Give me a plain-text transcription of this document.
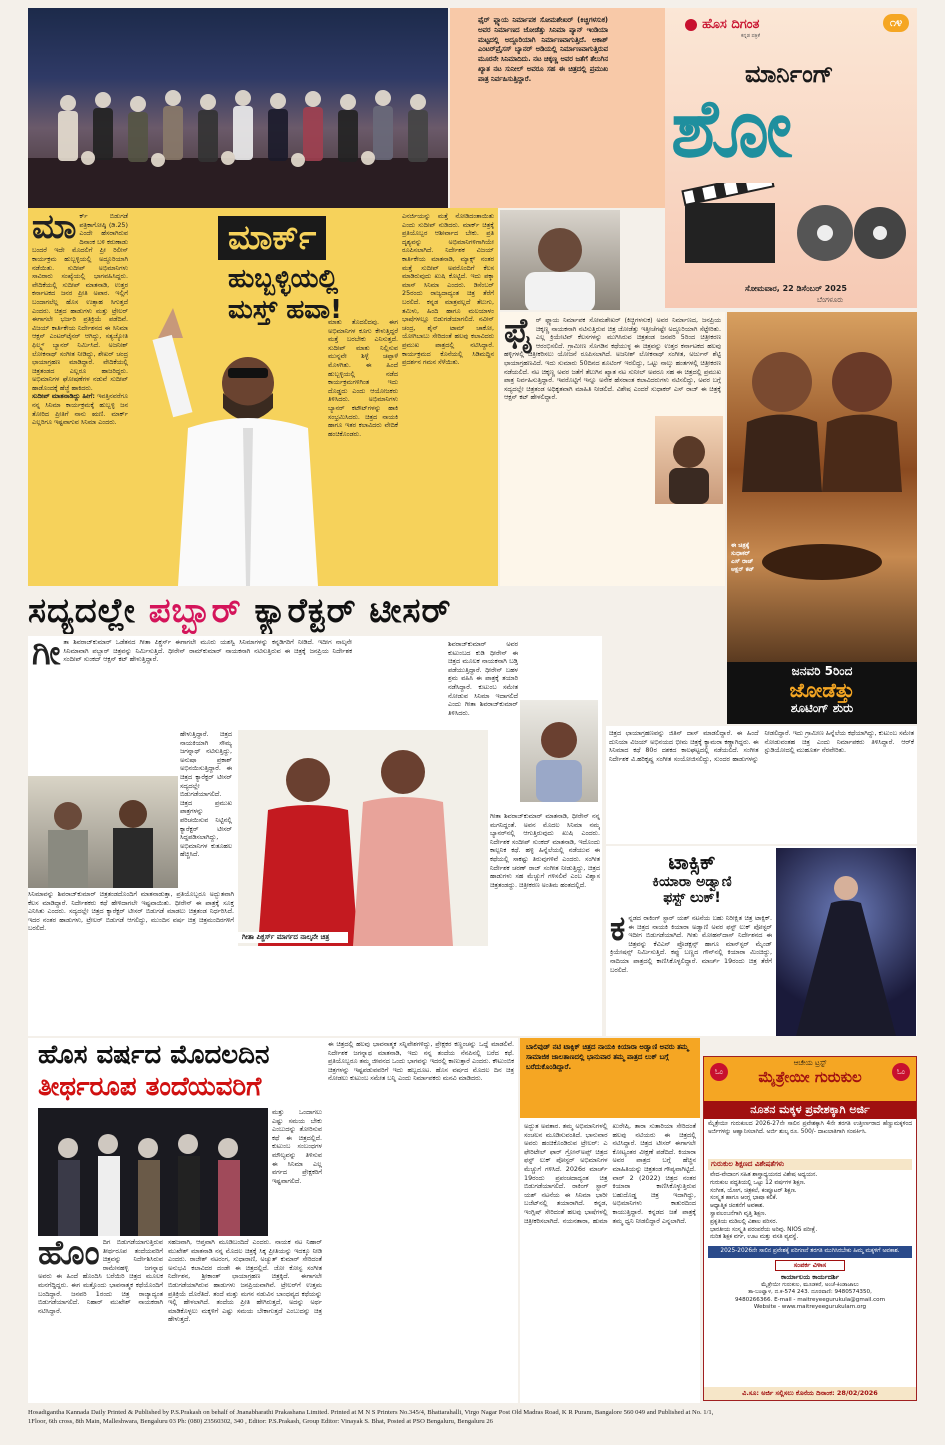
ಫೈರ್ ಫ್ಲ್ಯಾಯ ನಿರ್ಮಾಪಕ ಸೋಮಶೇಖರ್ (ಕಿಚ್ಚಿಗಳಸುಕ) ಅವರ ನಿರ್ಮಾಣದ ಜೋಡೆತ್ತು ಸಿನಿಮಾ ಪ್ಯಾನ್ ಇಂಡಿಯಾ ಮಟ್ಟದಲ್ಲಿ ಅದ್ದೂರಿಯಾಗಿ ನಿರ್ಮಾಣವಾಗುತ್ತಿದೆ. ಆಕಾಶ್ ಎಂಟರ್‌ಪ್ರೈಸಸ್ ಬ್ಯಾನರ್ ಅಡಿಯಲ್ಲಿ ನಿರ್ಮಾಣವಾಗುತ್ತಿರುವ ಮೂರನೇ ಸಿನಿಮಾದಿದು. ನಟ ಚಿಕ್ಕಣ್ಣ ಅವರ ಜತೆಗೆ ತೆಲುಗಿನ ಖ್ಯಾತ ನಟ ಸುನೀಲ್ ಅವರೂ ಸಹ ಈ ಚಿತ್ರದಲ್ಲಿ ಪ್ರಮುಖ ಪಾತ್ರ ನಿರ್ವಹಿಸುತ್ತಿದ್ದಾರೆ.
ಹೊಸ ದಿಗಂತ
ಕನ್ನಡ ಪತ್ರಿಕೆ
೧೪
ಮಾರ್ನಿಂಗ್
ಶೋ
ಸೋಮವಾರ, 22 ಡಿಸೆಂಬರ್ 2025
ಬೆಂಗಳೂರು
ಮಾ ರ್ಕ್ ಬಿಡುಗಡೆ ಪತ್ರಿಕಾಗೋಷ್ಠಿ (ಡಿ.25) ಎಂದೇ ಹೆಸರಾಗಿರುವ ದಿನಾಂಕ ಬಳಿ ಕರುಣಾಡು ಬಂದರೆ ಇದೇ ಮೊದಲಿಗೆ ಪ್ರೀ ರಿಲೀಸ್ ಕಾರ್ಯಕ್ರಮ ಹುಬ್ಬಳ್ಳಿಯಲ್ಲಿ ಅದ್ದೂರಿಯಾಗಿ ನಡೆಯಿತು. ಸುದೀಪ್ ಅಭಿಮಾನಿಗಳು ಸಾವಿರಾರು ಸಂಖ್ಯೆಯಲ್ಲಿ ಭಾಗವಹಿಸಿದ್ದರು. ವೇದಿಕೆಯಲ್ಲಿ ಸುದೀಪ್ ಮಾತನಾಡಿ, ಉತ್ತರ ಕರ್ನಾಟಕದ ಜನರ ಪ್ರೀತಿ ಅಪಾರ. ಇಲ್ಲಿಗೆ ಬಂದಾಗಲೆಲ್ಲ ಹೊಸ ಉತ್ಸಾಹ ಸಿಗುತ್ತದೆ ಎಂದರು. ಚಿತ್ರದ ಹಾಡುಗಳು ಮತ್ತು ಟ್ರೇಲರ್ ಈಗಾಗಲೇ ಭರ್ಜರಿ ಪ್ರತಿಕ್ರಿಯೆ ಪಡೆದಿವೆ. ವಿಜಯ್ ಕಾರ್ತಿಕೇಯ ನಿರ್ದೇಶನದ ಈ ಸಿನಿಮಾ ಆಕ್ಷನ್ ಎಂಟರ್‌ಟೈನರ್ ಆಗಿದ್ದು, ಸತ್ಯಜ್ಯೋತಿ ಫಿಲ್ಮ್ಸ್ ಬ್ಯಾನರ್ ನಿರ್ಮಿಸಿದೆ. ಅಜನೀಶ್ ಲೋಕನಾಥ್ ಸಂಗೀತ ನೀಡಿದ್ದು, ಶೇಖರ್ ಚಂದ್ರ ಛಾಯಾಗ್ರಹಣ ಮಾಡಿದ್ದಾರೆ. ವೇದಿಕೆಯಲ್ಲಿ ಚಿತ್ರತಂಡದ ಎಲ್ಲರೂ ಹಾಜರಿದ್ದರು. ಅಭಿಮಾನಿಗಳ ಘೋಷಣೆಗಳ ನಡುವೆ ಸುದೀಪ್ ಹಾಡೊಂದಕ್ಕೆ ಹೆಜ್ಜೆ ಹಾಕಿದರು.
ಸುದೀಪ್ ಮಾತನಾಡಿದ್ದು ಹೀಗೆ: ಇವತ್ತಿನವರೆಗೂ ನನ್ನ ಸಿನಿಮಾ ಕಾರ್ಯಕ್ರಮಕ್ಕೆ ಹುಬ್ಬಳ್ಳಿ ಜನ ತೋರಿದ ಪ್ರೀತಿಗೆ ನಾನು ಋಣಿ. ಮಾರ್ಕ್ ಎಲ್ಲರಿಗೂ ಇಷ್ಟವಾಗುವ ಸಿನಿಮಾ ಎಂದರು.
ಮಾರ್ಕ್
ಹುಬ್ಬಳ್ಳಿಯಲ್ಲಿ
ಮಸ್ತ್ ಹವಾ!
ಮಾತು ತೊದಲಿದವು. ಈಗ ಅಭಿಮಾನಿಗಳ ಕೂಗು ಕೇಳುತ್ತಿದ್ದರೆ ಮತ್ತೆ ಬರಬೇಕು ಎನಿಸುತ್ತದೆ. ಸುದೀಪ್ ಮಾತು ನಿಲ್ಲಿಸುವ ಮುನ್ನವೇ ಶಿಳ್ಳೆ ಚಪ್ಪಾಳೆ ಮೊಳಗಿತು. ಈ ಹಿಂದೆ ಹುಬ್ಬಳ್ಳಿಯಲ್ಲಿ ನಡೆದ ಕಾರ್ಯಕ್ರಮಗಳಿಗಿಂತ ಇದು ದೊಡ್ಡದು ಎಂದು ಆಯೋಜಕರು ತಿಳಿಸಿದರು. ಅಭಿಮಾನಿಗಳು ಬ್ಯಾನರ್ ಕಟೌಟ್‌ಗಳನ್ನು ಹಾಕಿ ಸಂಭ್ರಮಿಸಿದರು. ಚಿತ್ರದ ನಾಯಕಿ ಹಾಗೂ ಇತರ ಕಲಾವಿದರು ವೇದಿಕೆ ಹಂಚಿಕೊಂಡರು.
ಎನರ್ಜಿಯನ್ನು ಮತ್ತೆ ನೋಡಿದಂತಾಯಿತು ಎಂದು ಸುದೀಪ್ ನುಡಿದರು. ಮಾರ್ಕ್ ಚಿತ್ರಕ್ಕೆ ಪ್ರತಿಯೊಬ್ಬರ ಆಶೀರ್ವಾದ ಬೇಕು. ಪ್ರತಿ ದೃಶ್ಯವನ್ನು ಅಭಿಮಾನಿಗಳಿಗಾಗಿಯೇ ರೂಪಿಸಲಾಗಿದೆ. ನಿರ್ದೇಶಕ ವಿಜಯ್ ಕಾರ್ತಿಕೇಯ ಮಾತನಾಡಿ, ಮ್ಯಾಕ್ಸ್ ನಂತರ ಮತ್ತೆ ಸುದೀಪ್ ಅವರೊಂದಿಗೆ ಕೆಲಸ ಮಾಡಿರುವುದು ಖುಷಿ ಕೊಟ್ಟಿದೆ. ಇದು ಪಕ್ಕಾ ಮಾಸ್ ಸಿನಿಮಾ ಎಂದರು. ಡಿಸೆಂಬರ್ 25ರಂದು ರಾಜ್ಯದಾದ್ಯಂತ ಚಿತ್ರ ತೆರೆಗೆ ಬರಲಿದೆ. ಕನ್ನಡ ಮಾತ್ರವಲ್ಲದೆ ತೆಲುಗು, ತಮಿಳು, ಹಿಂದಿ ಹಾಗೂ ಮಲಯಾಳಂ ಭಾಷೆಗಳಲ್ಲೂ ಬಿಡುಗಡೆಯಾಗಲಿದೆ. ನವೀನ್ ಚಂದ್ರ, ಶೈನ್ ಟಾಮ್ ಚಾಕೋ, ಯೋಗಿಬಾಬು ಸೇರಿದಂತೆ ಹಲವು ಕಲಾವಿದರು ಪ್ರಮುಖ ಪಾತ್ರದಲ್ಲಿ ನಟಿಸಿದ್ದಾರೆ. ಕಾರ್ಯಕ್ರಮದ ಕೊನೆಯಲ್ಲಿ ಸಿಡಿಮದ್ದಿನ ಪ್ರದರ್ಶನ ಗಮನ ಸೆಳೆಯಿತು.
ಫೈ ರ್ ಫ್ಲ್ಯಾಯ ನಿರ್ಮಾಪಕ ಸೋಮಶೇಖರ್ (ಕಿಚ್ಚಿಗಳಸುಕ) ಅವರ ನಿರ್ಮಾಣದ, ಜನಪ್ರಿಯ ಚಿಕ್ಕಣ್ಣ ನಾಯಕನಾಗಿ ನಟಿಸುತ್ತಿರುವ ಚಿತ್ರ ಜೋಡೆತ್ತು ಇತ್ತೀಚೆಗಷ್ಟೇ ಅದ್ದೂರಿಯಾಗಿ ಸೆಟ್ಟೇರಿತು. ಎಲ್ಲ ಕ್ರಿಯೇಟಿವ್ ಕೆಲಸಗಳನ್ನು ಮುಗಿಸಿರುವ ಚಿತ್ರತಂಡ ಜನವರಿ 5ರಿಂದ ಚಿತ್ರೀಕರಣ ಆರಂಭಿಸಲಿದೆ. ಗ್ರಾಮೀಣ ಸೊಗಡಿನ ಕಥೆಯುಳ್ಳ ಈ ಚಿತ್ರವನ್ನು ಉತ್ತರ ಕರ್ನಾಟಕದ ಹಲವು ಹಳ್ಳಿಗಳಲ್ಲಿ ಚಿತ್ರೀಕರಿಸಲು ಯೋಜನೆ ರೂಪಿಸಲಾಗಿದೆ. ಅಜನೀಶ್ ಲೋಕನಾಥ್ ಸಂಗೀತ, ಅರ್ಜುನ್ ಶೆಟ್ಟಿ ಛಾಯಾಗ್ರಹಣವಿದೆ. ಇದು ಸುಮಾರು 50ದಿನದ ಶೂಟಿಂಗ್ ಇರಲಿದ್ದು, ಒಟ್ಟು ನಾಲ್ಕು ಹಂತಗಳಲ್ಲಿ ಚಿತ್ರೀಕರಣ ನಡೆಯಲಿದೆ. ನಟ ಚಿಕ್ಕಣ್ಣ ಅವರ ಜತೆಗೆ ತೆಲುಗಿನ ಖ್ಯಾತ ನಟ ಸುನೀಲ್ ಅವರೂ ಸಹ ಈ ಚಿತ್ರದಲ್ಲಿ ಪ್ರಮುಖ ಪಾತ್ರ ನಿರ್ವಹಿಸುತ್ತಿದ್ದಾರೆ. ಇವರೊಟ್ಟಿಗೆ ಇನ್ನೂ ಅನೇಕ ಹೆಸರಾಂತ ಕಲಾವಿದರುಗಳು ನಟಿಸಲಿದ್ದು, ಅವರ ಬಗ್ಗೆ ಸದ್ಯದಲ್ಲೇ ಚಿತ್ರತಂಡ ಅಧಿಕೃತವಾಗಿ ಮಾಹಿತಿ ನೀಡಲಿದೆ. ವಿಶೇಷ ಎಂದರೆ ಸುಧಾಕರ್ ಎಸ್ ರಾಜ್ ಈ ಚಿತ್ರಕ್ಕೆ ಆಕ್ಷನ್ ಕಟ್ ಹೇಳಲಿದ್ದಾರೆ.
ಈ ಚಿತ್ರಕ್ಕೆ
ಸುಧಾಕರ್
ಎಸ್ ರಾಜ್
ಆಕ್ಷನ್ ಕಟ್
ಜನವರಿ 5ರಿಂದ
ಜೋಡೆತ್ತು
ಶೂಟಿಂಗ್ ಶುರು
ಸದ್ಯದಲ್ಲೇ ಪಬ್ಬಾರ್ ಕ್ಯಾರೆಕ್ಟರ್ ಟೀಸರ್
ಗೀ ತಾ ಶಿವರಾಜ್‌ಕುಮಾರ್ ಒಡೆತನದ ಗೀತಾ ಪಿಕ್ಚರ್ಸ್ ಈಗಾಗಲೇ ಮೂರು ಯಶಸ್ವಿ ಸಿನಿಮಾಗಳನ್ನು ಕನ್ನಡಿಗರಿಗೆ ನೀಡಿದೆ. ಇದೀಗ ನಾಲ್ಕನೇ ಸಿನಿಮಾವಾಗಿ ಪಬ್ಬಾರ್ ಚಿತ್ರವನ್ನು ನಿರ್ಮಿಸುತ್ತಿದೆ. ಧೀರೇನ್ ರಾಮ್‌ಕುಮಾರ್ ನಾಯಕನಾಗಿ ನಟಿಸುತ್ತಿರುವ ಈ ಚಿತ್ರಕ್ಕೆ ಜನಪ್ರಿಯ ನಿರ್ದೇಶಕ ಸಂದೀಪ್ ಸುಂಕದ್ ಆಕ್ಷನ್ ಕಟ್ ಹೇಳುತ್ತಿದ್ದಾರೆ.
ಹೇಳುತ್ತಿದ್ದಾರೆ. ಚಿತ್ರದ ನಾಯಕಿಯಾಗಿ ಸೌಮ್ಯ ಜಗನ್ನಾಥ್ ನಟಿಸುತ್ತಿದ್ದು, ಅನುಷಾ ಪ್ರಕಾಶ್ ಅಭಿನಯಿಸುತ್ತಿದ್ದಾರೆ. ಈ ಚಿತ್ರದ ಕ್ಯಾರೆಕ್ಟರ್ ಟೀಸರ್ ಸದ್ಯದಲ್ಲೇ ಬಿಡುಗಡೆಯಾಗಲಿದೆ. ಚಿತ್ರದ ಪ್ರಮುಖ ಪಾತ್ರಗಳನ್ನು ಪರಿಚಯಿಸುವ ನಿಟ್ಟಿನಲ್ಲಿ ಕ್ಯಾರೆಕ್ಟರ್ ಟೀಸರ್ ಸಿದ್ದಪಡಿಸಲಾಗಿದ್ದು, ಅಭಿಮಾನಿಗಳ ಕುತೂಹಲ ಹೆಚ್ಚಿಸಿದೆ.
ಗೀತಾ ಪಿಕ್ಚರ್ಸ್ ಮಾರ್ಗದ ನಾಲ್ಕನೇ ಚಿತ್ರ
ಶಿವರಾಜ್‌ಕುಮಾರ್ ಅವರ ಕುಟುಂಬದ ಕುಡಿ ಧೀರೇನ್ ಈ ಚಿತ್ರದ ಮೂಲಕ ನಾಯಕನಾಗಿ ಬಡ್ತಿ ಪಡೆಯುತ್ತಿದ್ದಾರೆ. ಧೀರೇನ್ ಬಹಳ ಶ್ರಮ ವಹಿಸಿ ಈ ಪಾತ್ರಕ್ಕೆ ತಯಾರಿ ನಡೆಸಿದ್ದಾರೆ. ಕುಟುಂಬ ಸಮೇತ ನೋಡುವ ಸಿನಿಮಾ ಇದಾಗಲಿದೆ ಎಂದು ಗೀತಾ ಶಿವರಾಜ್‌ಕುಮಾರ್ ತಿಳಿಸಿದರು.
ಗೀತಾ ಶಿವರಾಜ್‌ಕುಮಾರ್ ಮಾತನಾಡಿ, ಧೀರೇನ್ ನನ್ನ ಮಗನಿದ್ದಂತೆ. ಅವನ ಮೊದಲ ಸಿನಿಮಾ ನಮ್ಮ ಬ್ಯಾನರ್‌ನಲ್ಲಿ ಆಗುತ್ತಿರುವುದು ಖುಷಿ ಎಂದರು. ನಿರ್ದೇಶಕ ಸಂದೀಪ್ ಸುಂಕದ್ ಮಾತನಾಡಿ, ಇದೊಂದು ಕಾಲ್ಪನಿಕ ಕಥೆ. ಹಳ್ಳಿ ಹಿನ್ನೆಲೆಯಲ್ಲಿ ನಡೆಯುವ ಈ ಕಥೆಯಲ್ಲಿ ಸಾಕಷ್ಟು ತಿರುವುಗಳಿವೆ ಎಂದರು. ಸಂಗೀತ ನಿರ್ದೇಶಕ ಚರಣ್ ರಾಜ್ ಸಂಗೀತ ನೀಡುತ್ತಿದ್ದು, ಚಿತ್ರದ ಹಾಡುಗಳು ಸಹ ಮೆಚ್ಚುಗೆ ಗಳಿಸಲಿವೆ ಎಂಬ ವಿಶ್ವಾಸ ಚಿತ್ರತಂಡದ್ದು. ಚಿತ್ರೀಕರಣ ಅಂತಿಮ ಹಂತದಲ್ಲಿದೆ.
ಸಿನಿಮಾವನ್ನು ಶಿವರಾಜ್‌ಕುಮಾರ್ ಚಿತ್ರತಂಡದೊಂದಿಗೆ ಮಾತನಾಡುತ್ತಾ, ಪ್ರತಿಯೊಬ್ಬರೂ ಅದ್ಭುತವಾಗಿ ಕೆಲಸ ಮಾಡಿದ್ದಾರೆ. ನಿರ್ದೇಶಕರು ಕಥೆ ಹೇಳಿದಾಗಲೇ ಇಷ್ಟವಾಯಿತು. ಧೀರೇನ್ ಈ ಪಾತ್ರಕ್ಕೆ ಸೂಕ್ತ ಎನಿಸಿತು ಎಂದರು. ಸದ್ಯದಲ್ಲೇ ಚಿತ್ರದ ಕ್ಯಾರೆಕ್ಟರ್ ಟೀಸರ್ ಬಿಡುಗಡೆ ಮಾಡಲು ಚಿತ್ರತಂಡ ನಿರ್ಧರಿಸಿದೆ. ಇದರ ನಂತರ ಹಾಡುಗಳು, ಟ್ರೇಲರ್ ಬಿಡುಗಡೆ ಆಗಲಿದ್ದು, ಮುಂದಿನ ವರ್ಷ ಚಿತ್ರ ಚಿತ್ರಮಂದಿರಗಳಿಗೆ ಬರಲಿದೆ.
ಚಿತ್ರದ ಛಾಯಾಗ್ರಹಣವನ್ನು ಜಿತಿನ್ ದಾಸ್ ಮಾಡಲಿದ್ದಾರೆ. ಈ ಹಿಂದೆ ದುನಿಯಾ ವಿಜಯ್ ಅಭಿನಯದ ಭೀಮ ಚಿತ್ರಕ್ಕೆ ಕ್ಯಾಮರಾ ಕಣ್ಣಾಗಿದ್ದರು. ಈ ಸಿನಿಮಾದ ಕಥೆ 80ರ ದಶಕದ ಕಾಲಘಟ್ಟದಲ್ಲಿ ನಡೆಯಲಿದೆ. ಸಂಗೀತ ನಿರ್ದೇಶಕ ವಿ.ಹರಿಕೃಷ್ಣ ಸಂಗೀತ ಸಂಯೋಜಿಸಲಿದ್ದು, ಸುಂದರ ಹಾಡುಗಳನ್ನು ನೀಡಲಿದ್ದಾರೆ. ಇದು ಗ್ರಾಮೀಣ ಹಿನ್ನೆಲೆಯ ಕಥೆಯಾಗಿದ್ದು, ಕುಟುಂಬ ಸಮೇತ ನೋಡುವಂತಹ ಚಿತ್ರ ಎಂದು ನಿರ್ಮಾಪಕರು ತಿಳಿಸಿದ್ದಾರೆ. ಆರ್‌ಕೆ ಸ್ಟುಡಿಯೋದಲ್ಲಿ ಮುಹೂರ್ತ ನೆರವೇರಿತು.
ಟಾಕ್ಸಿಕ್
ಕಿಯಾರಾ ಅಡ್ವಾಣಿ
ಫಸ್ಟ್ ಲುಕ್!
ಕ ನ್ನಡದ ರಾಕಿಂಗ್ ಸ್ಟಾರ್ ಯಶ್ ನಟನೆಯ ಬಹು ನಿರೀಕ್ಷಿತ ಚಿತ್ರ ಟಾಕ್ಸಿಕ್. ಈ ಚಿತ್ರದ ನಾಯಕಿ ಕಿಯಾರಾ ಅಡ್ವಾಣಿ ಅವರ ಫಸ್ಟ್ ಲುಕ್ ಪೋಸ್ಟರ್ ಇದೀಗ ಬಿಡುಗಡೆಯಾಗಿದೆ. ಗೀತು ಮೋಹನ್‌ದಾಸ್ ನಿರ್ದೇಶನದ ಈ ಚಿತ್ರವನ್ನು ಕೆವಿಎನ್ ಪ್ರೊಡಕ್ಷನ್ಸ್ ಹಾಗೂ ಮಾನ್‌ಸ್ಟರ್ ಮೈಂಡ್ ಕ್ರಿಯೇಷನ್ಸ್ ನಿರ್ಮಿಸುತ್ತಿದೆ. ಕಪ್ಪು ಬಣ್ಣದ ಗೌನ್‌ನಲ್ಲಿ ಕಿಯಾರಾ ಮಿಂಚಿದ್ದು, ನಾದಿಯಾ ಪಾತ್ರದಲ್ಲಿ ಕಾಣಿಸಿಕೊಳ್ಳಲಿದ್ದಾರೆ. ಮಾರ್ಚ್ 19ರಂದು ಚಿತ್ರ ತೆರೆಗೆ ಬರಲಿದೆ.
ಹೊಸ ವರ್ಷದ ಮೊದಲದಿನ
ತೀರ್ಥರೂಪ ತಂದೆಯವರಿಗೆ
ಮತ್ತು ಒಂದಾಗಲು ಎಷ್ಟು ಸಮಯ ಬೇಕು ಎಂಬುದನ್ನು ತೋರಿಸುವ ಕಥೆ ಈ ಚಿತ್ರದಲ್ಲಿದೆ. ಕುಟುಂಬ ಸಂಬಂಧಗಳ ಮೌಲ್ಯವನ್ನು ತಿಳಿಸುವ ಈ ಸಿನಿಮಾ ಎಲ್ಲ ವರ್ಗದ ಪ್ರೇಕ್ಷಕರಿಗೆ ಇಷ್ಟವಾಗಲಿದೆ.
ಹೊಂ ದಿಗ ಬಿಡುಗಡೆಯಾಗುತ್ತಿರುವ ತೀರ್ಥರೂಪ ತಂದೆಯವರಿಗೆ ಚಿತ್ರವನ್ನು ನಿರ್ದೇಶಿಸಿರುವ ರಾಮೇನಹಳ್ಳಿ ಜಗನ್ನಾಥ ಅವರು ಈ ಹಿಂದೆ ಹೊಂದಿಸಿ ಬರೆಯಿರಿ ಚಿತ್ರದ ಮೂಲಕ ಮನಗೆದ್ದಿದ್ದರು. ಈಗ ಮತ್ತೊಂದು ಭಾವನಾತ್ಮಕ ಕಥೆಯೊಂದಿಗೆ ಬಂದಿದ್ದಾರೆ. ಜನವರಿ 1ರಂದು ಚಿತ್ರ ರಾಜ್ಯಾದ್ಯಂತ ಬಿಡುಗಡೆಯಾಗಲಿದೆ. ನಿಹಾರ್ ಮುಖೇಶ್ ನಾಯಕರಾಗಿ ನಟಿಸಿದ್ದಾರೆ.
ಸಹಜವಾಗಿ, ಆಪ್ತವಾಗಿ ಮೂಡಿಬಂದಿದೆ ಎಂದರು. ನಾಯಕ ನಟ ನಿಹಾರ್ ಮುಖೇಶ್ ಮಾತನಾಡಿ ನನ್ನ ಮೊದಲ ಚಿತ್ರಕ್ಕೆ ಸಿಕ್ಕ ಪ್ರೀತಿಯನ್ನು ಇದಕ್ಕೂ ನೀಡಿ ಎಂದರು. ರಾಜೇಶ್ ನಟರಂಗ, ಸುಧಾರಾಣಿ, ಅಚ್ಯುತ್ ಕುಮಾರ್ ಸೇರಿದಂತೆ ಅನುಭವಿ ಕಲಾವಿದರ ದಂಡೇ ಈ ಚಿತ್ರದಲ್ಲಿದೆ. ಜೋ ಕೋಸ್ಟ ಸಂಗೀತ ನಿರ್ದೇಶನ, ಶ್ರೀಕಾಂತ್ ಛಾಯಾಗ್ರಹಣ ಚಿತ್ರಕ್ಕಿದೆ. ಈಗಾಗಲೇ ಬಿಡುಗಡೆಯಾಗಿರುವ ಹಾಡುಗಳು ಜನಪ್ರಿಯವಾಗಿವೆ. ಟ್ರೇಲರ್‌ಗೆ ಉತ್ತಮ ಪ್ರತಿಕ್ರಿಯೆ ದೊರೆತಿದೆ. ತಂದೆ ಮತ್ತು ಮಗನ ನಡುವಿನ ಬಾಂಧವ್ಯದ ಕಥೆಯನ್ನು ಇಲ್ಲಿ ಹೇಳಲಾಗಿದೆ. ತಂದೆಯ ಪ್ರೀತಿ ಹೇಗಿರುತ್ತದೆ, ಅದನ್ನು ಅರ್ಥ ಮಾಡಿಕೊಳ್ಳಲು ಮಕ್ಕಳಿಗೆ ಎಷ್ಟು ಸಮಯ ಬೇಕಾಗುತ್ತದೆ ಎಂಬುದನ್ನು ಚಿತ್ರ ಹೇಳುತ್ತದೆ.
ಈ ಚಿತ್ರದಲ್ಲಿ ಹಲವು ಭಾವನಾತ್ಮಕ ಸನ್ನಿವೇಶಗಳಿದ್ದು, ಪ್ರೇಕ್ಷಕರ ಕಣ್ಣಂಚನ್ನು ಒದ್ದೆ ಮಾಡಲಿವೆ. ನಿರ್ದೇಶಕ ಜಗನ್ನಾಥ ಮಾತನಾಡಿ, ಇದು ನನ್ನ ತಂದೆಯ ನೆನಪಿನಲ್ಲಿ ಬರೆದ ಕಥೆ. ಪ್ರತಿಯೊಬ್ಬರೂ ತಮ್ಮ ಜೀವನದ ಒಂದು ಭಾಗವನ್ನು ಇದರಲ್ಲಿ ಕಾಣುತ್ತಾರೆ ಎಂದರು. ಕೌಟುಂಬಿಕ ಚಿತ್ರಗಳನ್ನು ಇಷ್ಟಪಡುವವರಿಗೆ ಇದು ಹಬ್ಬದೂಟ. ಹೊಸ ವರ್ಷದ ಮೊದಲ ದಿನ ಚಿತ್ರ ನೋಡಲು ಕುಟುಂಬ ಸಮೇತ ಬನ್ನಿ ಎಂದು ನಿರ್ಮಾಪಕರು ಮನವಿ ಮಾಡಿದರು.
ಬಾಲಿವುಡ್ ನಟಿ ಟಾಕ್ಸಿಕ್ ಚಿತ್ರದ ನಾಯಕಿ ಕಿಯಾರಾ ಅಡ್ವಾಣಿ ಅವರು ತಮ್ಮ ಸಾಮಾಜಿಕ ಜಾಲತಾಣದಲ್ಲಿ ಭಾನುವಾರ ತಮ್ಮ ಪಾತ್ರದ ಲುಕ್ ಬಗ್ಗೆ ಬರೆದುಕೊಂಡಿದ್ದಾರೆ.
ಅದ್ಭುತ ಅವತಾರ. ತಮ್ಮ ಅಭಿಮಾನಿಗಳಲ್ಲಿ ಸಂಚಲನ ಮೂಡಿಸುವಂತಿದೆ. ಭಾನುವಾರ ಅವರು ಹಂಚಿಕೊಂಡಿರುವ ಟ್ರೇಲರ್: ಎ ಫೇರಿಟೇಲ್ ಫಾರ್ ಗ್ರೋನ್‌ಅಪ್ಸ್ ಚಿತ್ರದ ಫಸ್ಟ್ ಲುಕ್ ಪೋಸ್ಟರ್ ಅಭಿಮಾನಿಗಳ ಮೆಚ್ಚುಗೆ ಗಳಿಸಿದೆ. 2026ರ ಮಾರ್ಚ್ 19ರಂದು ಪ್ರಪಂಚದಾದ್ಯಂತ ಚಿತ್ರ ಬಿಡುಗಡೆಯಾಗಲಿದೆ. ರಾಕಿಂಗ್ ಸ್ಟಾರ್ ಯಶ್ ನಟನೆಯ ಈ ಸಿನಿಮಾ ಭಾರೀ ಬಜೆಟ್‌ನಲ್ಲಿ ತಯಾರಾಗಿದೆ. ಕನ್ನಡ, ಇಂಗ್ಲಿಷ್ ಸೇರಿದಂತೆ ಹಲವು ಭಾಷೆಗಳಲ್ಲಿ ಚಿತ್ರೀಕರಿಸಲಾಗಿದೆ. ನಯನತಾರಾ, ಹುಮಾ ಖುರೇಷಿ, ತಾರಾ ಸುತಾರಿಯಾ ಸೇರಿದಂತೆ ಹಲವು ನಟಿಯರು ಈ ಚಿತ್ರದಲ್ಲಿ ನಟಿಸಿದ್ದಾರೆ. ಚಿತ್ರದ ಟೀಸರ್ ಈಗಾಗಲೇ ಕೋಟ್ಯಂತರ ವೀಕ್ಷಣೆ ಪಡೆದಿದೆ. ಕಿಯಾರಾ ಅವರ ಪಾತ್ರದ ಬಗ್ಗೆ ಹೆಚ್ಚಿನ ಮಾಹಿತಿಯನ್ನು ಚಿತ್ರತಂಡ ಗೌಪ್ಯವಾಗಿಟ್ಟಿದೆ. ವಾರ್ 2 (2022) ಚಿತ್ರದ ನಂತರ ಕಿಯಾರಾ ಕಾಣಿಸಿಕೊಳ್ಳುತ್ತಿರುವ ಬಹುದೊಡ್ಡ ಚಿತ್ರ ಇದಾಗಿದ್ದು, ಅಭಿಮಾನಿಗಳು ಕಾತುರದಿಂದ ಕಾಯುತ್ತಿದ್ದಾರೆ. ಕನ್ನಡದ ಜತೆ ಪಾತ್ರಕ್ಕೆ ತಮ್ಮ ಧ್ವನಿ ನೀಡಲಿದ್ದಾರೆ ಎನ್ನಲಾಗಿದೆ.
ಓಂ	ಓಂ
ಆಚೇಯ ಟ್ರಸ್ಟ್
ಮೈತ್ರೇಯೀ ಗುರುಕುಲ
ನೂತನ ಮಕ್ಕಳ ಪ್ರವೇಶಕ್ಕಾಗಿ ಅರ್ಜಿ
ಮೈತ್ರೇಯೀ ಗುರುಕುಲದ 2026-27ನೇ ಸಾಲಿನ ಪ್ರವೇಶಕ್ಕಾಗಿ 4ನೇ ತರಗತಿ ಉತ್ತೀರ್ಣರಾದ ಹೆಣ್ಣುಮಕ್ಕಳಿಂದ ಅರ್ಜಿಗಳನ್ನು ಆಹ್ವಾನಿಸಲಾಗಿದೆ. ಅರ್ಜಿ ಶುಲ್ಕ ರೂ. 500/- ದಾಖಲಾತಿಗಾಗಿ ಸಂಪರ್ಕಿಸಿ.
ಗುರುಕುಲ ಶಿಕ್ಷಣದ ವಿಶೇಷತೆಗಳು
ವೇದ-ವೇದಾಂಗ ಸಹಿತ ಶಾಸ್ತ್ರಾಧ್ಯಯನದ ವಿಶೇಷ ಅಧ್ಯಯನ.
ಗುರುಕುಲ ಪದ್ಧತಿಯಲ್ಲಿ ಒಟ್ಟು 12 ವರ್ಷಗಳ ಶಿಕ್ಷಣ.
ಸಂಗೀತ, ಯೋಗ, ಚಿತ್ರಕಲೆ, ಕಂಪ್ಯೂಟರ್ ಶಿಕ್ಷಣ.
ಸಂಸ್ಕೃತ ಹಾಗೂ ಆಂಗ್ಲ ಭಾಷಾ ಕಲಿಕೆ.
ಆಧ್ಯಾತ್ಮಿಕ ಚಿಂತನೆಗೆ ಅವಕಾಶ.
ಸ್ವಾವಲಂಬನೆಗಾಗಿ ವೃತ್ತಿ ಶಿಕ್ಷಣ.
ಪ್ರಕೃತಿಯ ಮಡಿಲಲ್ಲಿ ವಿಶಾಲ ಪರಿಸರ.
ಭಾರತೀಯ ಸಂಸ್ಕೃತಿ ಪರಂಪರೆಯ ಅರಿವು. NIOS ಪರೀಕ್ಷೆ.
ನುರಿತ ಶಿಕ್ಷಕ ವರ್ಗ, ಊಟ ಮತ್ತು ವಸತಿ ವ್ಯವಸ್ಥೆ.
2025-2026ನೇ ಸಾಲಿನ ಪ್ರವೇಶಕ್ಕೆ ಪರಿಗಣನೆ ತರಗತಿ ಮುಗಿಸಿರಬೇಕು ಹಿಮ್ಮ ಮಕ್ಕಳಿಗೆ ಅವಕಾಶ.
ಸಂಪರ್ಕ ವಿಳಾಸ
ಕಾರ್ಯಾಲಯ ಕಾರ್ಯದರ್ಶಿ
ಮೈತ್ರೇಯೀ ಗುರುಕುಲ, ಮೂಡಕರೆ, ಅಂಚೆ-ಕಿಂಡಾಜಾಲು
ತಾ-ಬಂಟ್ವಾಳ, ದ.ಕ-574 243. ದೂರವಾಣಿ: 9480574350,
9480266366. E-mail - maitreyeegurukula@gmail.com
Website - www.maitreyeegurukulam.org
ವಿ.ಸೂ: ಅರ್ಜಿ ಸಲ್ಲಿಸಲು ಕೊನೆಯ ದಿನಾಂಕ: 28/02/2026
Hosadigantha Kannada Daily Printed & Published by P.S.Prakash on behalf of Jnanabharathi Prakashana Limited. Printed at M N S Printers No.345/4, Bhattarahalli, Virgo Nagar Post Old Madras Road, K R Puram, Bangalore 560 049 and Published at No. 1/1,
1Floor, 6th cross, 8th Main, Malleshwara, Bengaluru 03 Ph: (080) 23560302, 340 , Editor: P.S.Prakash, Group Editor: Vinayak S. Bhat, Posted at PSO Bengaluru, Bengaluru 26
